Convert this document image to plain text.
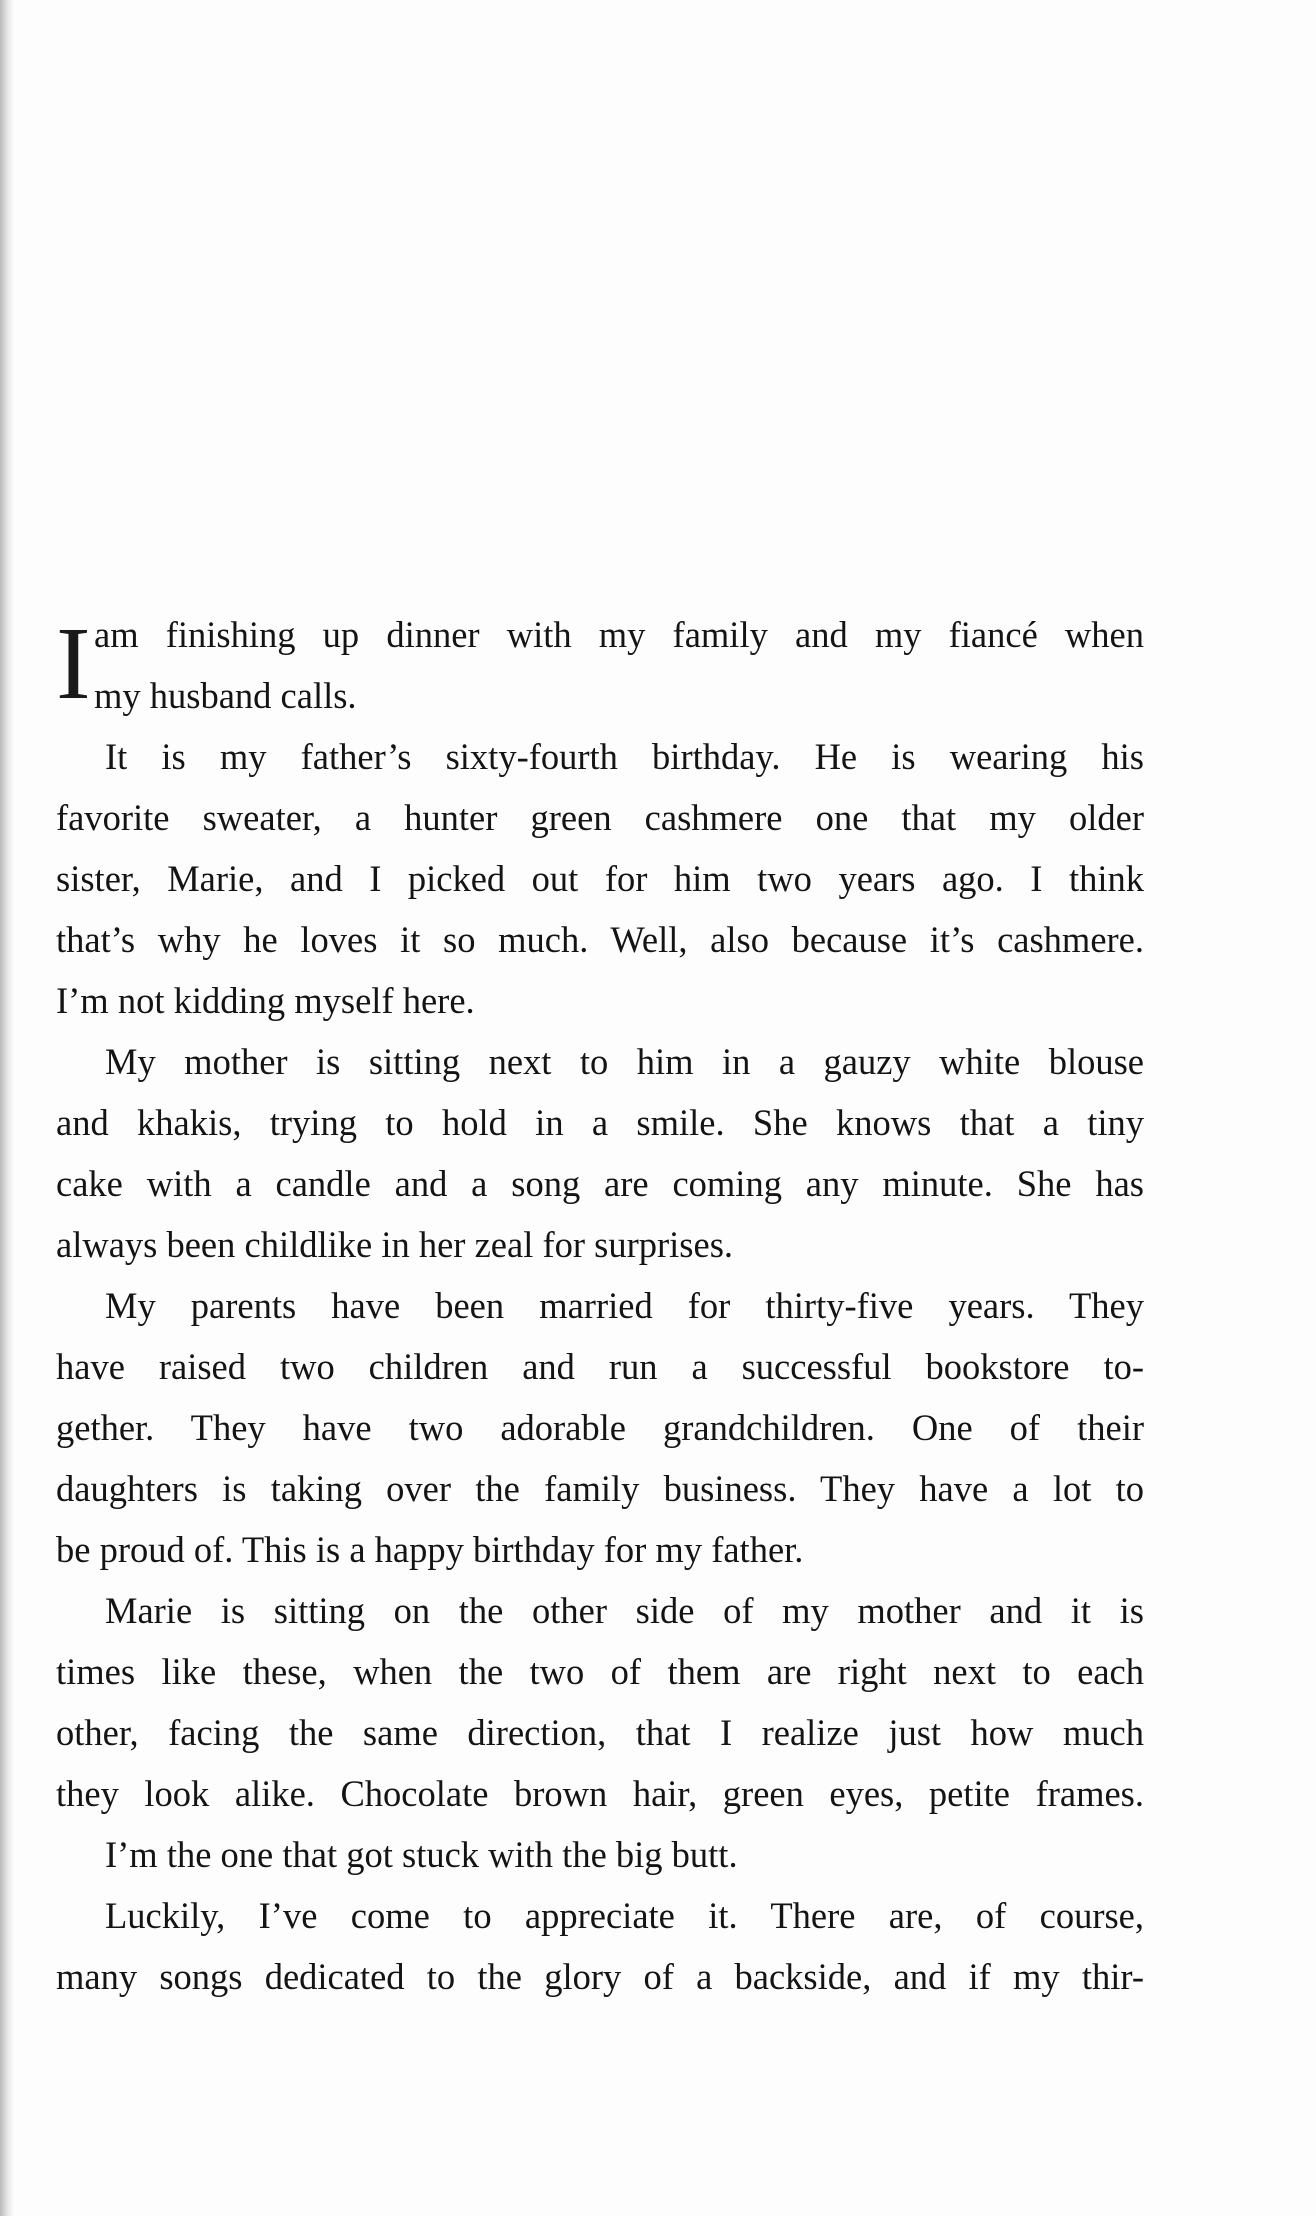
I am finishing up dinner with my family and my fiancé when
my husband calls.
It is my father’s sixty-fourth birthday. He is wearing his
favorite sweater, a hunter green cashmere one that my older
sister, Marie, and I picked out for him two years ago. I think
that’s why he loves it so much. Well, also because it’s cashmere.
I’m not kidding myself here.
My mother is sitting next to him in a gauzy white blouse
and khakis, trying to hold in a smile. She knows that a tiny
cake with a candle and a song are coming any minute. She has
always been childlike in her zeal for surprises.
My parents have been married for thirty-five years. They
have raised two children and run a successful bookstore to-
gether. They have two adorable grandchildren. One of their
daughters is taking over the family business. They have a lot to
be proud of. This is a happy birthday for my father.
Marie is sitting on the other side of my mother and it is
times like these, when the two of them are right next to each
other, facing the same direction, that I realize just how much
they look alike. Chocolate brown hair, green eyes, petite frames.
I’m the one that got stuck with the big butt.
Luckily, I’ve come to appreciate it. There are, of course,
many songs dedicated to the glory of a backside, and if my thir-
